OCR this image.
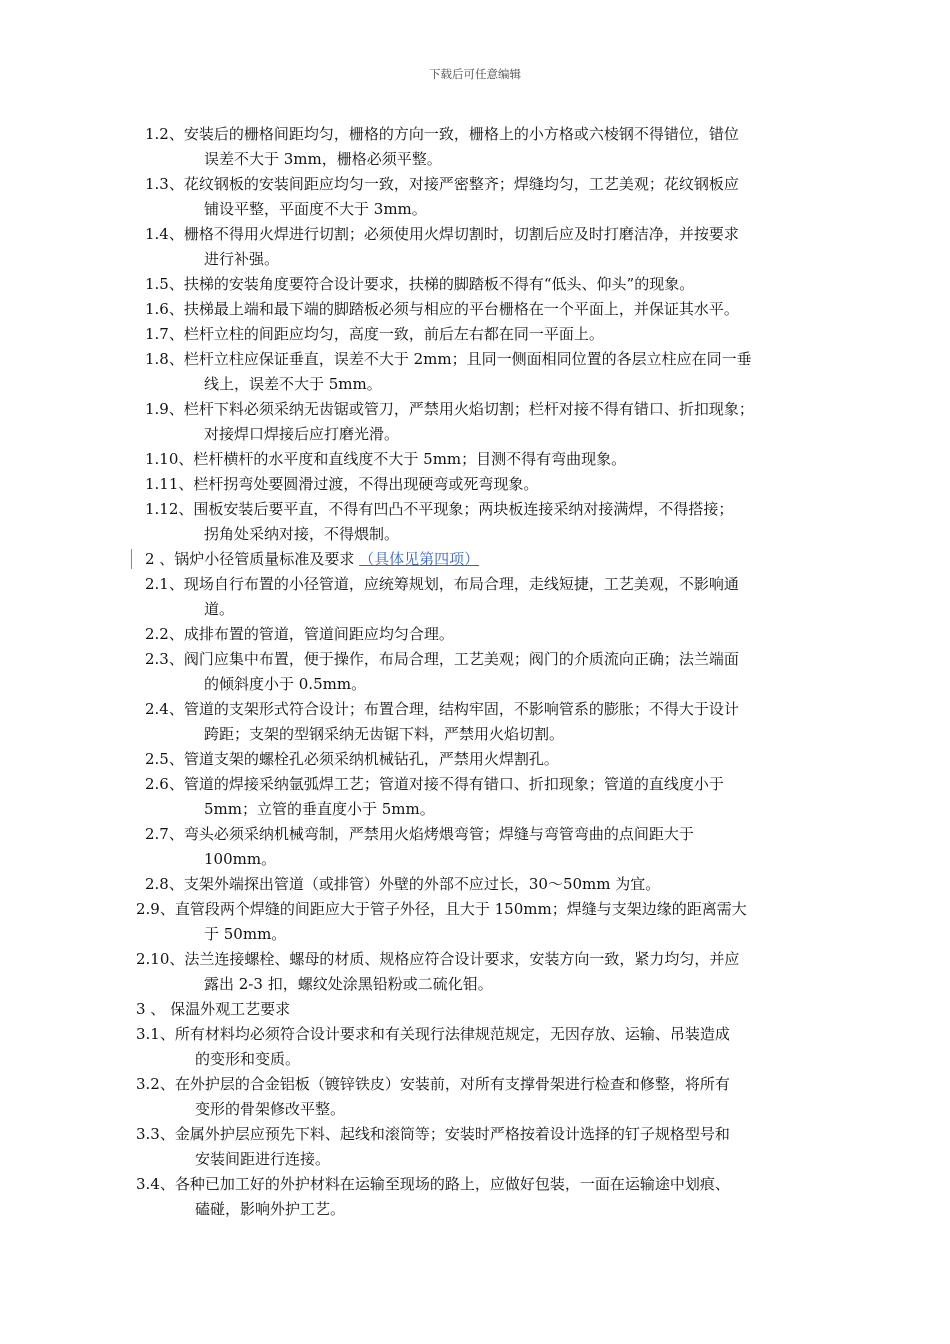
下载后可任意编辑
1.2、安装后的栅格间距均匀，栅格的方向一致，栅格上的小方格或六棱钢不得错位，错位
误差不大于 3mm，栅格必须平整。
1.3、花纹钢板的安装间距应均匀一致，对接严密整齐；焊缝均匀，工艺美观；花纹钢板应
铺设平整，平面度不大于 3mm。
1.4、栅格不得用火焊进行切割；必须使用火焊切割时，切割后应及时打磨洁净，并按要求
进行补强。
1.5、扶梯的安装角度要符合设计要求，扶梯的脚踏板不得有“低头、仰头”的现象。
1.6、扶梯最上端和最下端的脚踏板必须与相应的平台栅格在一个平面上，并保证其水平。
1.7、栏杆立柱的间距应均匀，高度一致，前后左右都在同一平面上。
1.8、栏杆立柱应保证垂直，误差不大于 2mm；且同一侧面相同位置的各层立柱应在同一垂
线上，误差不大于 5mm。
1.9、栏杆下料必须采纳无齿锯或管刀，严禁用火焰切割；栏杆对接不得有错口、折扣现象；
对接焊口焊接后应打磨光滑。
1.10、栏杆横杆的水平度和直线度不大于 5mm；目测不得有弯曲现象。
1.11、栏杆拐弯处要圆滑过渡，不得出现硬弯或死弯现象。
1.12、围板安装后要平直，不得有凹凸不平现象；两块板连接采纳对接满焊，不得搭接；
拐角处采纳对接，不得煨制。
2 、锅炉小径管质量标准及要求 （具体见第四项）
2.1、现场自行布置的小径管道，应统筹规划，布局合理，走线短捷，工艺美观，不影响通
道。
2.2、成排布置的管道，管道间距应均匀合理。
2.3、阀门应集中布置，便于操作，布局合理，工艺美观；阀门的介质流向正确；法兰端面
的倾斜度小于 0.5mm。
2.4、管道的支架形式符合设计；布置合理，结构牢固，不影响管系的膨胀；不得大于设计
跨距；支架的型钢采纳无齿锯下料，严禁用火焰切割。
2.5、管道支架的螺栓孔必须采纳机械钻孔，严禁用火焊割孔。
2.6、管道的焊接采纳氩弧焊工艺；管道对接不得有错口、折扣现象；管道的直线度小于
5mm；立管的垂直度小于 5mm。
2.7、弯头必须采纳机械弯制，严禁用火焰烤煨弯管；焊缝与弯管弯曲的点间距大于
100mm。
2.8、支架外端探出管道（或排管）外壁的外部不应过长，30～50mm 为宜。
2.9、直管段两个焊缝的间距应大于管子外径，且大于 150mm；焊缝与支架边缘的距离需大
于 50mm。
2.10、法兰连接螺栓、螺母的材质、规格应符合设计要求，安装方向一致，紧力均匀，并应
露出 2-3 扣，螺纹处涂黑铅粉或二硫化钼。
3 、 保温外观工艺要求
3.1、所有材料均必须符合设计要求和有关现行法律规范规定，无因存放、运输、吊装造成
的变形和变质。
3.2、在外护层的合金铝板（镀锌铁皮）安装前，对所有支撑骨架进行检查和修整，将所有
变形的骨架修改平整。
3.3、金属外护层应预先下料、起线和滚筒等；安装时严格按着设计选择的钉子规格型号和
安装间距进行连接。
3.4、各种已加工好的外护材料在运输至现场的路上，应做好包装，一面在运输途中划痕、
磕碰，影响外护工艺。
